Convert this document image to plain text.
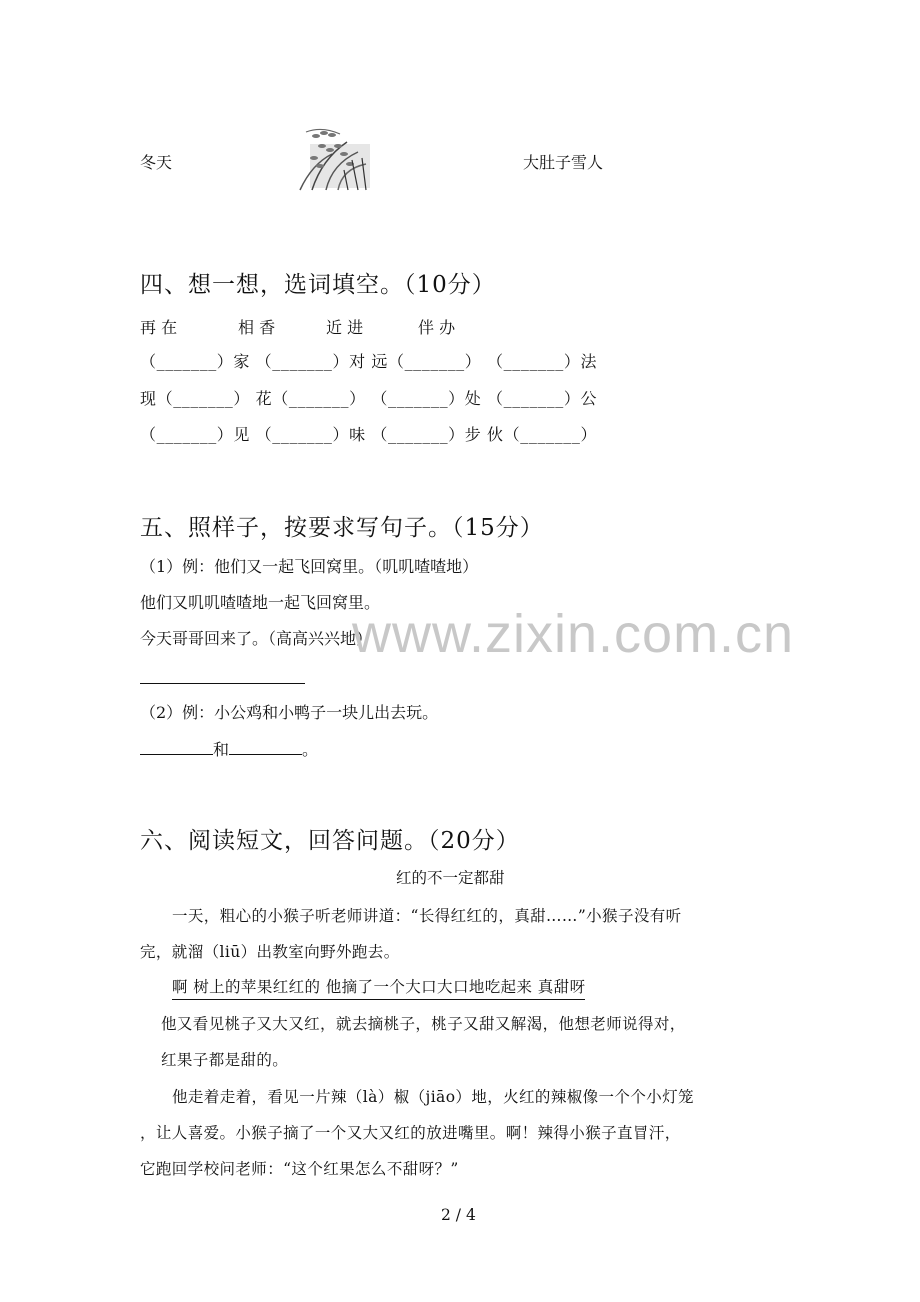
冬天	大肚子雪人
四、想一想，选词填空。（10分）
再 在	相 香	近 进	伴 办
（_______）家 （_______）对 远（_______） （_______）法
现（_______） 花（_______） （_______）处 （_______）公
（_______）见 （_______）味 （_______）步 伙（_______）
五、照样子，按要求写句子。（15分）
（1）例：他们又一起飞回窝里。（叽叽喳喳地）
他们又叽叽喳喳地一起飞回窝里。
今天哥哥回来了。（高高兴兴地）
www.zixin.com.cn
（2）例：小公鸡和小鸭子一块儿出去玩。
和	。
六、阅读短文，回答问题。（20分）
红的不一定都甜
一天，粗心的小猴子听老师讲道：“长得红红的，真甜……”小猴子没有听
完，就溜（liū）出教室向野外跑去。
啊 树上的苹果红红的 他摘了一个大口大口地吃起来 真甜呀
他又看见桃子又大又红，就去摘桃子，桃子又甜又解渴，他想老师说得对，
红果子都是甜的。
他走着走着，看见一片辣（là）椒（jiāo）地，火红的辣椒像一个个小灯笼
，让人喜爱。小猴子摘了一个又大又红的放进嘴里。啊！辣得小猴子直冒汗，
它跑回学校问老师：“这个红果怎么不甜呀？”
2 / 4
